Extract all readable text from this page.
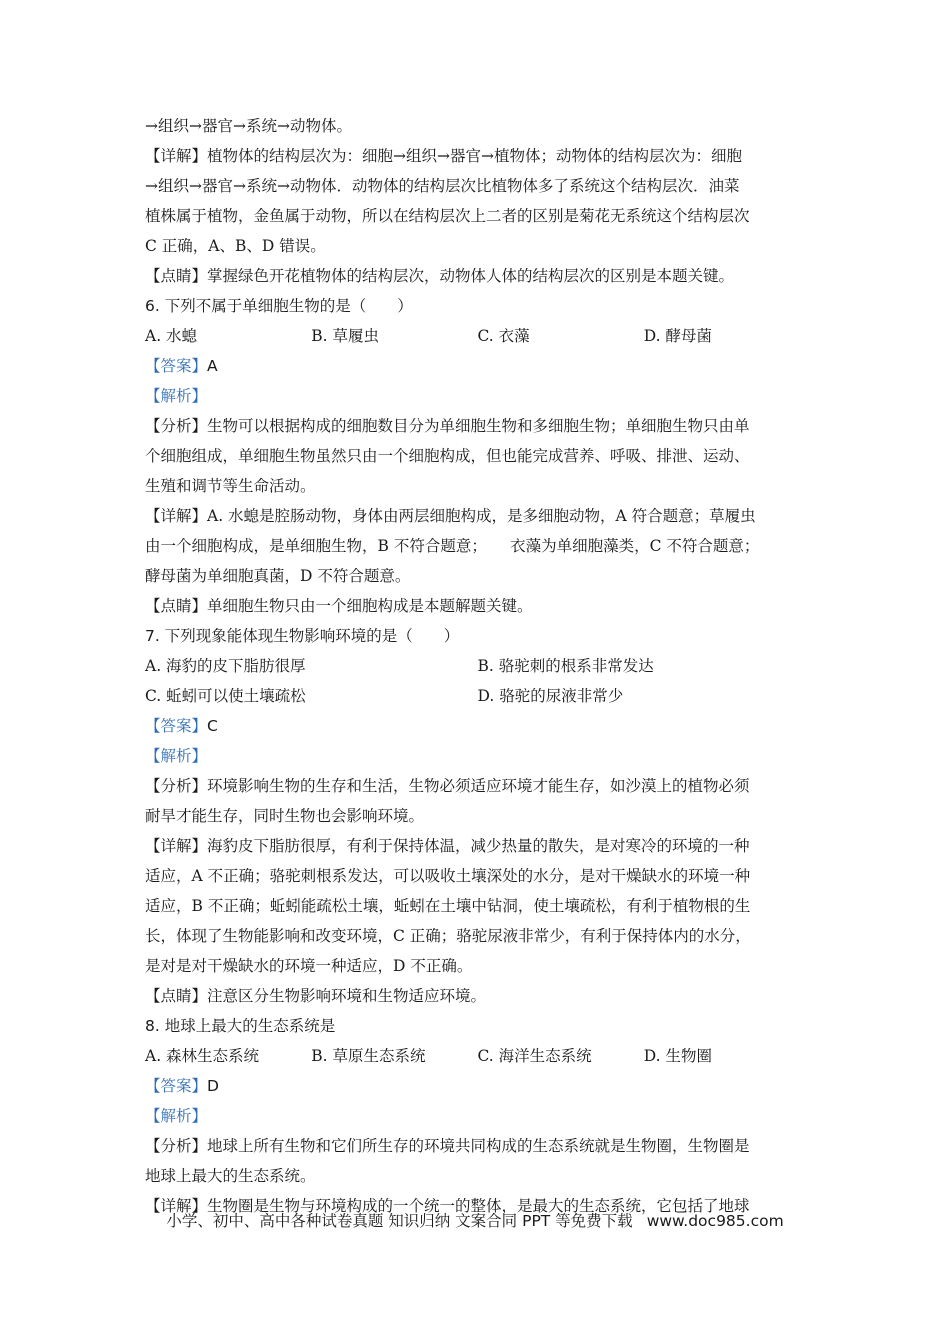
→组织→器官→系统→动物体。
【详解】植物体的结构层次为：细胞→组织→器官→植物体；动物体的结构层次为：细胞
→组织→器官→系统→动物体．动物体的结构层次比植物体多了系统这个结构层次．油菜
植株属于植物，金鱼属于动物，所以在结构层次上二者的区别是菊花无系统这个结构层次
C 正确，A、B、D 错误。
【点睛】掌握绿色开花植物体的结构层次，动物体人体的结构层次的区别是本题关键。
6. 下列不属于单细胞生物的是（　　）
A. 水螅	B. 草履虫	C. 衣藻	D. 酵母菌
【答案】A
【解析】
【分析】生物可以根据构成的细胞数目分为单细胞生物和多细胞生物；单细胞生物只由单
个细胞组成，单细胞生物虽然只由一个细胞构成，但也能完成营养、呼吸、排泄、运动、
生殖和调节等生命活动。
【详解】A. 水螅是腔肠动物，身体由两层细胞构成，是多细胞动物，A 符合题意；草履虫
由一个细胞构成，是单细胞生物，B 不符合题意；　　衣藻为单细胞藻类，C 不符合题意；
酵母菌为单细胞真菌，D 不符合题意。
【点睛】单细胞生物只由一个细胞构成是本题解题关键。
7. 下列现象能体现生物影响环境的是（　　）
A. 海豹的皮下脂肪很厚	B. 骆驼刺的根系非常发达
C. 蚯蚓可以使土壤疏松	D. 骆驼的尿液非常少
【答案】C
【解析】
【分析】环境影响生物的生存和生活，生物必须适应环境才能生存，如沙漠上的植物必须
耐旱才能生存，同时生物也会影响环境。
【详解】海豹皮下脂肪很厚，有利于保持体温，减少热量的散失，是对寒冷的环境的一种
适应，A 不正确；骆驼刺根系发达，可以吸收土壤深处的水分，是对干燥缺水的环境一种
适应，B 不正确；蚯蚓能疏松土壤，蚯蚓在土壤中钻洞，使土壤疏松，有利于植物根的生
长，体现了生物能影响和改变环境，C 正确；骆驼尿液非常少，有利于保持体内的水分，
是对是对干燥缺水的环境一种适应，D 不正确。
【点睛】注意区分生物影响环境和生物适应环境。
8. 地球上最大的生态系统是
A. 森林生态系统	B. 草原生态系统	C. 海洋生态系统	D. 生物圈
【答案】D
【解析】
【分析】地球上所有生物和它们所生存的环境共同构成的生态系统就是生物圈，生物圈是
地球上最大的生态系统。
【详解】生物圈是生物与环境构成的一个统一的整体，是最大的生态系统，它包括了地球
小学、初中、高中各种试卷真题 知识归纳 文案合同 PPT 等免费下载 www.doc985.com
